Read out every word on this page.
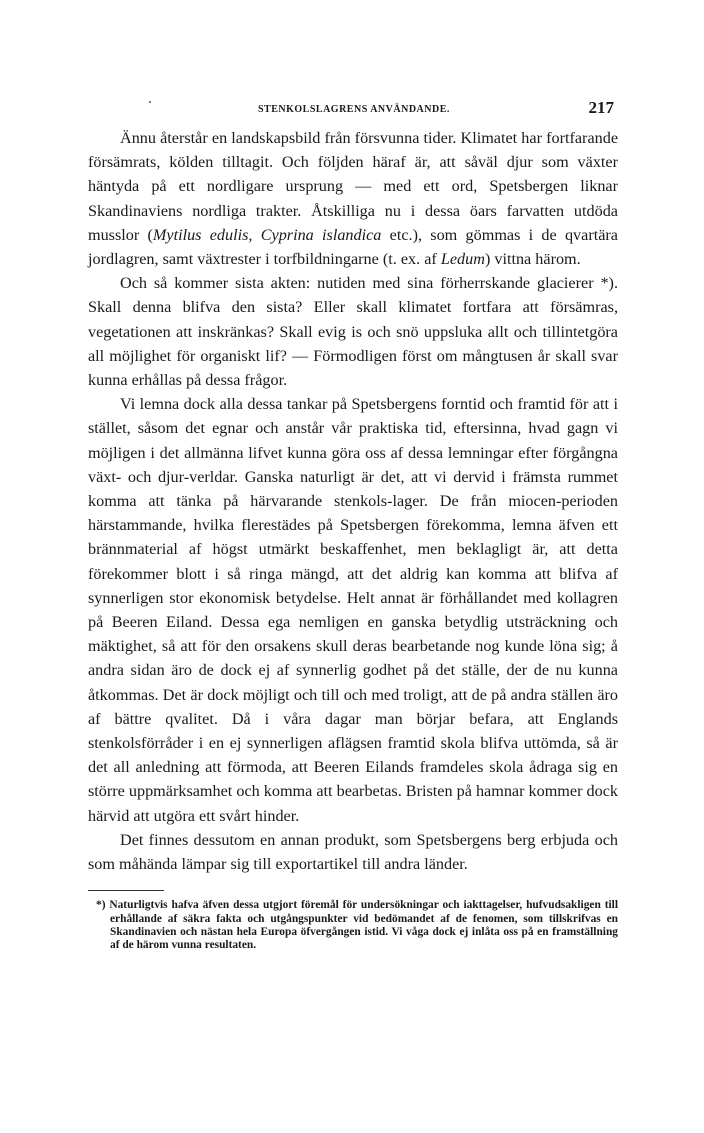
STENKOLSLAGRENS ANVÄNDANDE.	217

Ännu återstår en landskapsbild från försvunna tider. Klimatet har fortfarande försämrats, kölden tilltagit. Och följden häraf är, att såväl djur som växter häntyda på ett nordligare ursprung — med ett ord, Spetsbergen liknar Skandinaviens nordliga trakter. Åtskilliga nu i dessa öars farvatten utdöda musslor (Mytilus edulis, Cyprina islandica etc.), som gömmas i de qvartära jordlagren, samt växtrester i torfbildningarne (t. ex. af Ledum) vittna härom.

Och så kommer sista akten: nutiden med sina förherrskande glacierer *). Skall denna blifva den sista? Eller skall klimatet fortfara att försämras, vegetationen att inskränkas? Skall evig is och snö uppsluka allt och tillintetgöra all möjlighet för organiskt lif? — Förmodligen först om mångtusen år skall svar kunna erhållas på dessa frågor.

Vi lemna dock alla dessa tankar på Spetsbergens forntid och framtid för att i stället, såsom det egnar och anstår vår praktiska tid, eftersinna, hvad gagn vi möjligen i det allmänna lifvet kunna göra oss af dessa lemningar efter förgångna växt- och djur-verldar. Ganska naturligt är det, att vi dervid i främsta rummet komma att tänka på härvarande stenkols-lager. De från miocen-perioden härstammande, hvilka flerestädes på Spetsbergen förekomma, lemna äfven ett brännmaterial af högst utmärkt beskaffenhet, men beklagligt är, att detta förekommer blott i så ringa mängd, att det aldrig kan komma att blifva af synnerligen stor ekonomisk betydelse. Helt annat är förhållandet med kollagren på Beeren Eiland. Dessa ega nemligen en ganska betydlig utsträckning och mäktighet, så att för den orsakens skull deras bearbetande nog kunde löna sig; å andra sidan äro de dock ej af synnerlig godhet på det ställe, der de nu kunna åtkommas. Det är dock möjligt och till och med troligt, att de på andra ställen äro af bättre qvalitet. Då i våra dagar man börjar befara, att Englands stenkolsförråder i en ej synnerligen aflägsen framtid skola blifva uttömda, så är det all anledning att förmoda, att Beeren Eilands framdeles skola ådraga sig en större uppmärksamhet och komma att bearbetas. Bristen på hamnar kommer dock härvid att utgöra ett svårt hinder.

Det finnes dessutom en annan produkt, som Spetsbergens berg erbjuda och som måhända lämpar sig till exportartikel till andra länder.

*) Naturligtvis hafva äfven dessa utgjort föremål för undersökningar och iakttagelser, hufvudsakligen till erhållande af säkra fakta och utgångspunkter vid bedömandet af de fenomen, som tillskrifvas en Skandinavien och nästan hela Europa öfvergången istid. Vi våga dock ej inlåta oss på en framställning af de härom vunna resultaten.
